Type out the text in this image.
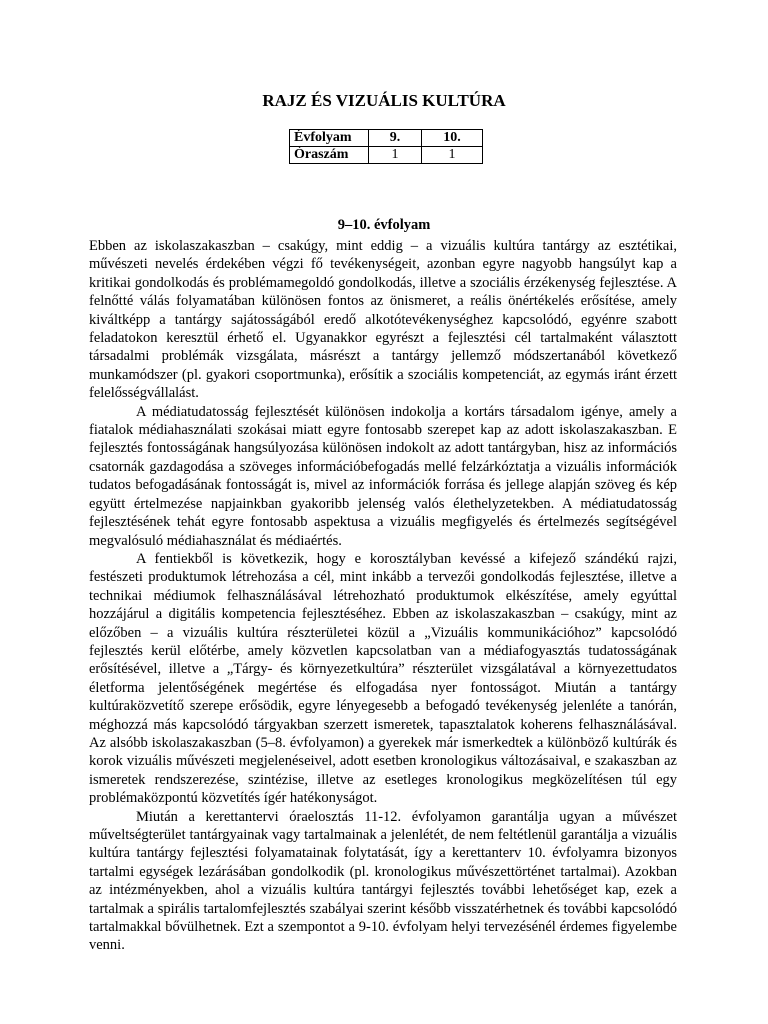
RAJZ ÉS VIZUÁLIS KULTÚRA
Évfolyam	9.	10.
Óraszám	1	1
9–10. évfolyam

Ebben az iskolaszakaszban – csakúgy, mint eddig – a vizuális kultúra tantárgy az esztétikai, művészeti nevelés érdekében végzi fő tevékenységeit, azonban egyre nagyobb hangsúlyt kap a kritikai gondolkodás és problémamegoldó gondolkodás, illetve a szociális érzékenység fejlesztése. A felnőtté válás folyamatában különösen fontos az önismeret, a reális önértékelés erősítése, amely kiváltképp a tantárgy sajátosságából eredő alkotótevékenységhez kapcsolódó, egyénre szabott feladatokon keresztül érhető el. Ugyanakkor egyrészt a fejlesztési cél tartalmaként választott társadalmi problémák vizsgálata, másrészt a tantárgy jellemző módszertanából következő munkamódszer (pl. gyakori csoportmunka), erősítik a szociális kompetenciát, az egymás iránt érzett felelősségvállalást.

A médiatudatosság fejlesztését különösen indokolja a kortárs társadalom igénye, amely a fiatalok médiahasználati szokásai miatt egyre fontosabb szerepet kap az adott iskolaszakaszban. E fejlesztés fontosságának hangsúlyozása különösen indokolt az adott tantárgyban, hisz az információs csatornák gazdagodása a szöveges információbefogadás mellé felzárkóztatja a vizuális információk tudatos befogadásának fontosságát is, mivel az információk forrása és jellege alapján szöveg és kép együtt értelmezése napjainkban gyakoribb jelenség valós élethelyzetekben. A médiatudatosság fejlesztésének tehát egyre fontosabb aspektusa a vizuális megfigyelés és értelmezés segítségével megvalósuló médiahasználat és médiaértés.

A fentiekből is következik, hogy e korosztályban kevéssé a kifejező szándékú rajzi, festészeti produktumok létrehozása a cél, mint inkább a tervezői gondolkodás fejlesztése, illetve a technikai médiumok felhasználásával létrehozható produktumok elkészítése, amely egyúttal hozzájárul a digitális kompetencia fejlesztéséhez. Ebben az iskolaszakaszban – csakúgy, mint az előzőben – a vizuális kultúra részterületei közül a „Vizuális kommunikációhoz” kapcsolódó fejlesztés kerül előtérbe, amely közvetlen kapcsolatban van a médiafogyasztás tudatosságának erősítésével, illetve a „Tárgy- és környezetkultúra” részterület vizsgálatával a környezettudatos életforma jelentőségének megértése és elfogadása nyer fontosságot. Miután a tantárgy kultúraközvetítő szerepe erősödik, egyre lényegesebb a befogadó tevékenység jelenléte a tanórán, méghozzá más kapcsolódó tárgyakban szerzett ismeretek, tapasztalatok koherens felhasználásával. Az alsóbb iskolaszakaszban (5–8. évfolyamon) a gyerekek már ismerkedtek a különböző kultúrák és korok vizuális művészeti megjelenéseivel, adott esetben kronologikus változásaival, e szakaszban az ismeretek rendszerezése, szintézise, illetve az esetleges kronologikus megközelítésen túl egy problémaközpontú közvetítés ígér hatékonyságot.

Miután a kerettantervi óraelosztás 11-12. évfolyamon garantálja ugyan a művészet műveltségterület tantárgyainak vagy tartalmainak a jelenlétét, de nem feltétlenül garantálja a vizuális kultúra tantárgy fejlesztési folyamatainak folytatását, így a kerettanterv 10. évfolyamra bizonyos tartalmi egységek lezárásában gondolkodik (pl. kronologikus művészettörténet tartalmai). Azokban az intézményekben, ahol a vizuális kultúra tantárgyi fejlesztés további lehetőséget kap, ezek a tartalmak a spirális tartalomfejlesztés szabályai szerint később visszatérhetnek és további kapcsolódó tartalmakkal bővülhetnek. Ezt a szempontot a 9-10. évfolyam helyi tervezésénél érdemes figyelembe venni.
